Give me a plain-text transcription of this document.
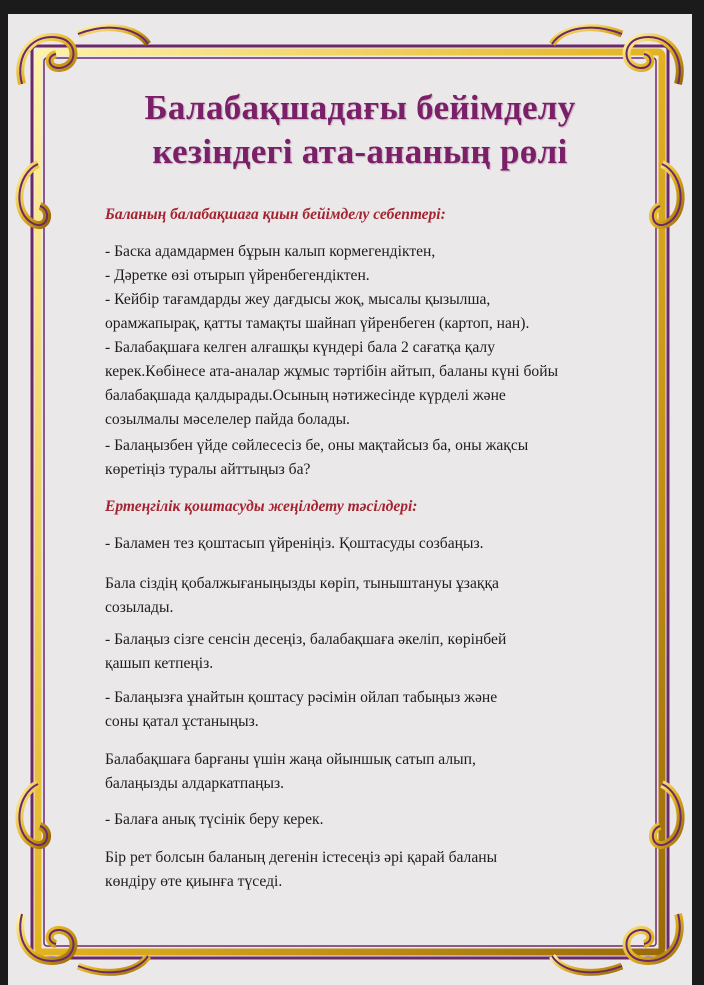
Балабақшадағы бейімделу
кезіндегі ата-ананың рөлі
Баланың балабақшаға қиын бейімделу себептері:
- Баска адамдармен бұрын калып кормегендіктен,
- Дәретке өзі отырып үйренбегендіктен.
- Кейбір тағамдарды жеу дағдысы жоқ, мысалы қызылша,
орамжапырақ, қатты тамақты шайнап үйренбеген (картоп, нан).
- Балабақшаға келген алғашқы күндері бала 2 сағатқа қалу
керек.Көбінесе ата-аналар жұмыс тәртібін айтып, баланы күні бойы
балабақшада қалдырады.Осының нәтижесінде күрделі және
созылмалы мәселелер пайда болады.
- Балаңызбен үйде сөйлесесіз бе, оны мақтайсыз ба, оны жақсы
көретіңіз туралы айттыңыз ба?
Ертеңгілік қоштасуды жеңілдету тәсілдері:
- Баламен тез қоштасып үйреніңіз. Қоштасуды созбаңыз.
Бала сіздің қобалжығаныңызды көріп, тыныштануы ұзаққа
созылады.
- Балаңыз сізге сенсін десеңіз, балабақшаға әкеліп, көрінбей
қашып кетпеңіз.
- Балаңызға ұнайтын қоштасу рәсімін ойлап табыңыз және
соны қатал ұстаныңыз.
Балабақшаға барғаны үшін жаңа ойыншық сатып алып,
балаңызды алдаркатпаңыз.
- Балаға анық түсінік беру керек.
Бір рет болсын баланың дегенін істесеңіз әрі қарай баланы
көндіру өте қиынға түседі.
